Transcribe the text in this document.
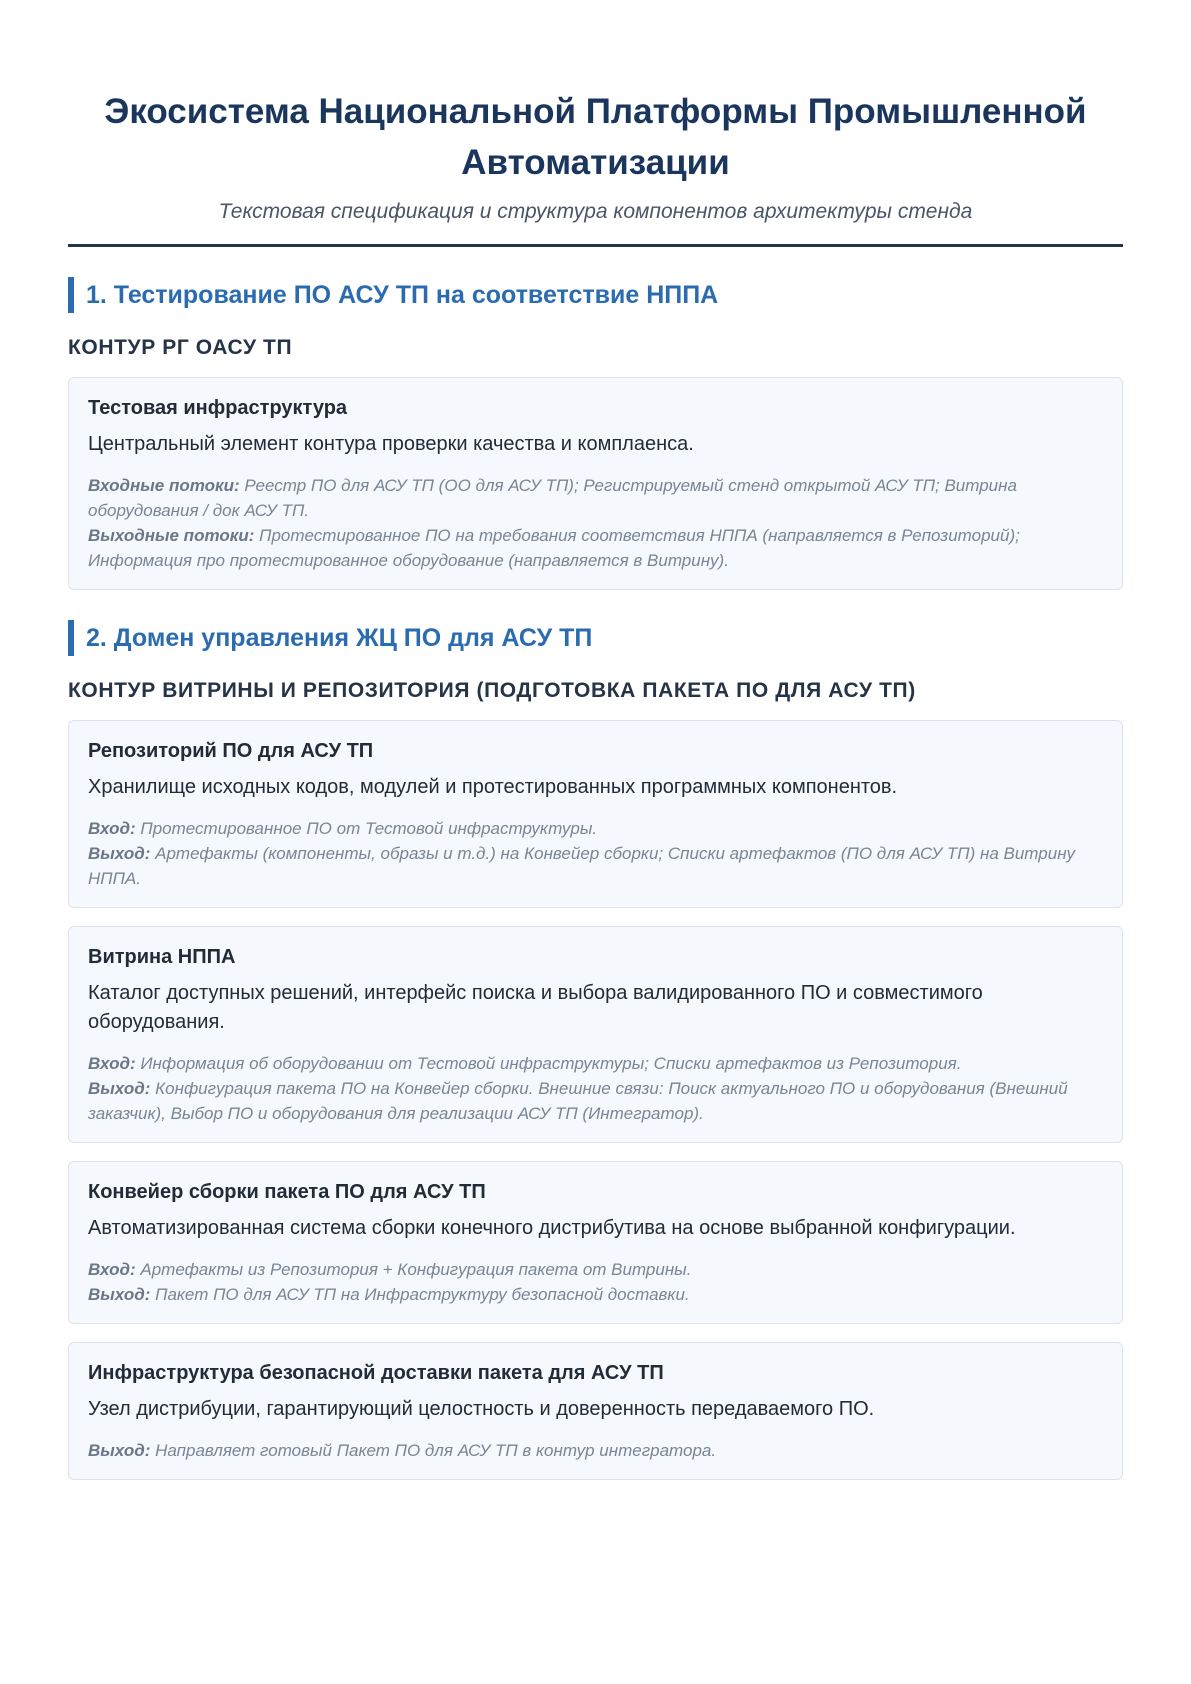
Экосистема Национальной Платформы Промышленной Автоматизации

Текстовая спецификация и структура компонентов архитектуры стенда

1. Тестирование ПО АСУ ТП на соответствие НППА
КОНТУР РГ ОАСУ ТП
Тестовая инфраструктура

Центральный элемент контура проверки качества и комплаенса.

Входные потоки: Реестр ПО для АСУ ТП (ОО для АСУ ТП); Регистрируемый стенд открытой АСУ ТП; Витрина оборудования / док АСУ ТП.
Выходные потоки: Протестированное ПО на требования соответствия НППА (направляется в Репозиторий); Информация про протестированное оборудование (направляется в Витрину).
2. Домен управления ЖЦ ПО для АСУ ТП
КОНТУР ВИТРИНЫ И РЕПОЗИТОРИЯ (ПОДГОТОВКА ПАКЕТА ПО ДЛЯ АСУ ТП)
Репозиторий ПО для АСУ ТП

Хранилище исходных кодов, модулей и протестированных программных компонентов.

Вход: Протестированное ПО от Тестовой инфраструктуры.
Выход: Артефакты (компоненты, образы и т.д.) на Конвейер сборки; Списки артефактов (ПО для АСУ ТП) на Витрину НППА.
Витрина НППА

Каталог доступных решений, интерфейс поиска и выбора валидированного ПО и совместимого оборудования.

Вход: Информация об оборудовании от Тестовой инфраструктуры; Списки артефактов из Репозитория.
Выход: Конфигурация пакета ПО на Конвейер сборки. Внешние связи: Поиск актуального ПО и оборудования (Внешний заказчик), Выбор ПО и оборудования для реализации АСУ ТП (Интегратор).
Конвейер сборки пакета ПО для АСУ ТП

Автоматизированная система сборки конечного дистрибутива на основе выбранной конфигурации.

Вход: Артефакты из Репозитория + Конфигурация пакета от Витрины.
Выход: Пакет ПО для АСУ ТП на Инфраструктуру безопасной доставки.
Инфраструктура безопасной доставки пакета для АСУ ТП

Узел дистрибуции, гарантирующий целостность и доверенность передаваемого ПО.

Выход: Направляет готовый Пакет ПО для АСУ ТП в контур интегратора.
